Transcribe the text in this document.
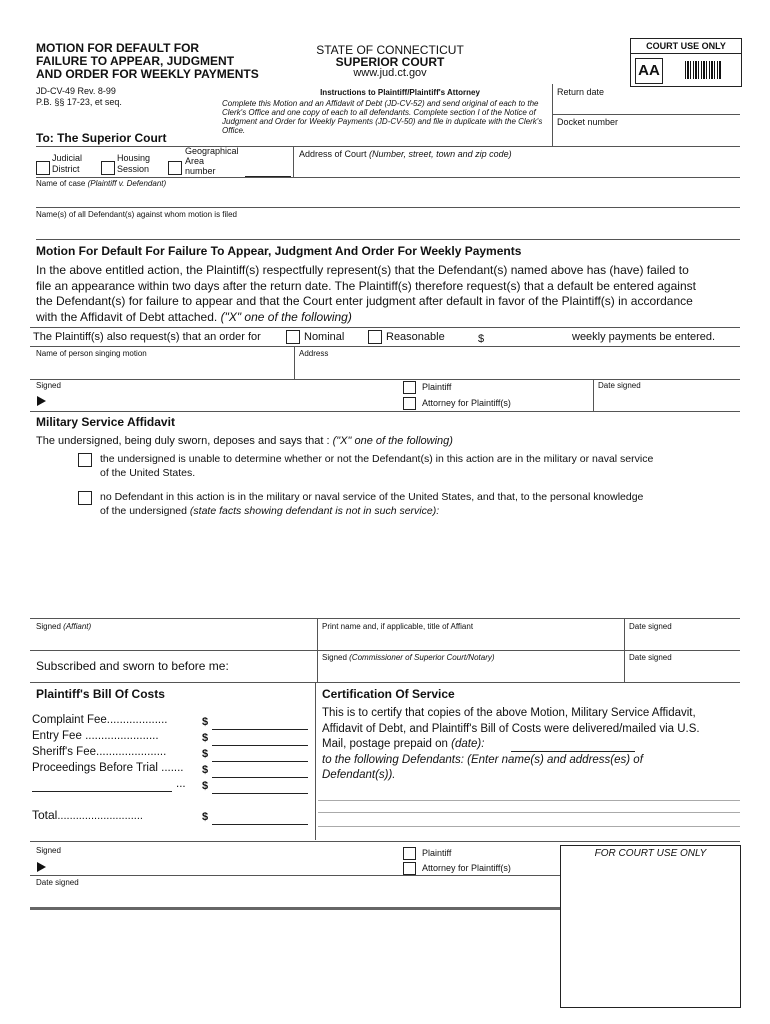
MOTION FOR DEFAULT FOR
FAILURE TO APPEAR, JUDGMENT
AND ORDER FOR WEEKLY PAYMENTS
JD-CV-49 Rev. 8-99
P.B. §§ 17-23, et seq.
STATE OF CONNECTICUT
SUPERIOR COURT
www.jud.ct.gov
COURT USE ONLY
AA
Instructions to Plaintiff/Plaintiff's Attorney
Complete this Motion and an Affidavit of Debt (JD-CV-52) and send original of each to the Clerk's Office and one copy of each to all defendants. Complete section I of the Notice of Judgment and Order for Weekly Payments (JD-CV-50) and file in duplicate with the Clerk's Office.
Return date
Docket number
To: The Superior Court
Judicial
District
Housing
Session
Geographical
Area
number
Address of Court (Number, street, town and zip code)
Name of case (Plaintiff v. Defendant)
Name(s) of all Defendant(s) against whom motion is filed
Motion For Default For Failure To Appear, Judgment And Order For Weekly Payments
In the above entitled action, the Plaintiff(s) respectfully represent(s) that the Defendant(s) named above has (have) failed to
file an appearance within two days after the return date. The Plaintiff(s) therefore request(s) that a default be entered against
the Defendant(s) for failure to appear and that the Court enter judgment after default in favor of the Plaintiff(s) in accordance
with the Affidavit of Debt attached. ("X" one of the following)
The Plaintiff(s) also request(s) that an order for	Nominal	Reasonable	$	weekly payments be entered.
Name of person singing motion	Address
Signed	Plaintiff
Attorney for Plaintiff(s)
Date signed
Military Service Affidavit
The undersigned, being duly sworn, deposes and says that : ("X" one of the following)
the undersigned is unable to determine whether or not the Defendant(s) in this action are in the military or naval service
of the United States.
no Defendant in this action is in the military or naval service of the United States, and that, to the personal knowledge
of the undersigned (state facts showing defendant is not in such service):
Signed (Affiant)	Print name and, if applicable, title of Affiant	Date signed
Subscribed and sworn to before me:
Signed (Commissioner of Superior Court/Notary)	Date signed
Plaintiff's Bill Of Costs
Complaint Fee...................	$
Entry Fee .......................	$
Sheriff's Fee......................	$
Proceedings Before Trial ....... $
... $
Total............................	$
Certification Of Service
This is to certify that copies of the above Motion, Military Service Affidavit,
Affidavit of Debt, and Plaintiff's Bill of Costs were delivered/mailed via U.S.
Mail, postage prepaid on (date):
to the following Defendants: (Enter name(s) and address(es) of
Defendant(s)).
Signed	Plaintiff
Attorney for Plaintiff(s)
Date signed
FOR COURT USE ONLY
